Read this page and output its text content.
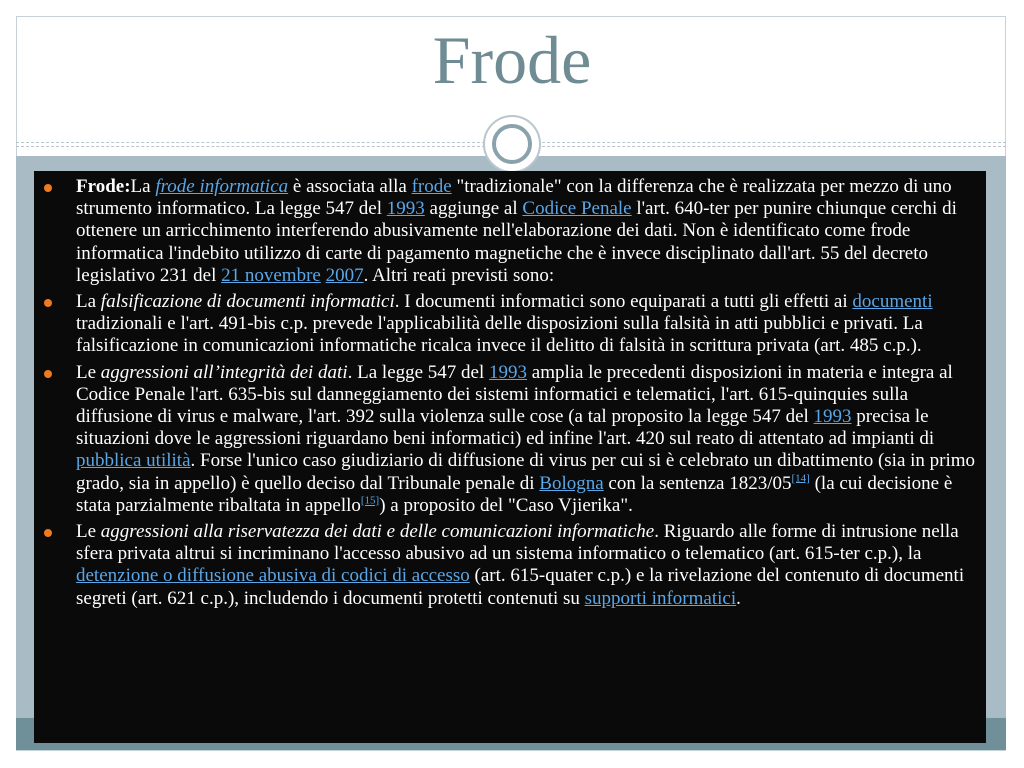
Frode
Frode:La frode informatica è associata alla frode "tradizionale" con la differenza che è realizzata per mezzo di uno strumento informatico. La legge 547 del 1993 aggiunge al Codice Penale l'art. 640-ter per punire chiunque cerchi di ottenere un arricchimento interferendo abusivamente nell'elaborazione dei dati. Non è identificato come frode informatica l'indebito utilizzo di carte di pagamento magnetiche che è invece disciplinato dall'art. 55 del decreto legislativo 231 del 21 novembre 2007. Altri reati previsti sono:
La falsificazione di documenti informatici. I documenti informatici sono equiparati a tutti gli effetti ai documenti tradizionali e l'art. 491-bis c.p. prevede l'applicabilità delle disposizioni sulla falsità in atti pubblici e privati. La falsificazione in comunicazioni informatiche ricalca invece il delitto di falsità in scrittura privata (art. 485 c.p.).
Le aggressioni all’integrità dei dati. La legge 547 del 1993 amplia le precedenti disposizioni in materia e integra al Codice Penale l'art. 635-bis sul danneggiamento dei sistemi informatici e telematici, l'art. 615-quinquies sulla diffusione di virus e malware, l'art. 392 sulla violenza sulle cose (a tal proposito la legge 547 del 1993 precisa le situazioni dove le aggressioni riguardano beni informatici) ed infine l'art. 420 sul reato di attentato ad impianti di pubblica utilità. Forse l'unico caso giudiziario di diffusione di virus per cui si è celebrato un dibattimento (sia in primo grado, sia in appello) è quello deciso dal Tribunale penale di Bologna con la sentenza 1823/05[14] (la cui decisione è stata parzialmente ribaltata in appello[15]) a proposito del "Caso Vjierika".
Le aggressioni alla riservatezza dei dati e delle comunicazioni informatiche. Riguardo alle forme di intrusione nella sfera privata altrui si incriminano l'accesso abusivo ad un sistema informatico o telematico (art. 615-ter c.p.), la detenzione o diffusione abusiva di codici di accesso (art. 615-quater c.p.) e la rivelazione del contenuto di documenti segreti (art. 621 c.p.), includendo i documenti protetti contenuti su supporti informatici.
